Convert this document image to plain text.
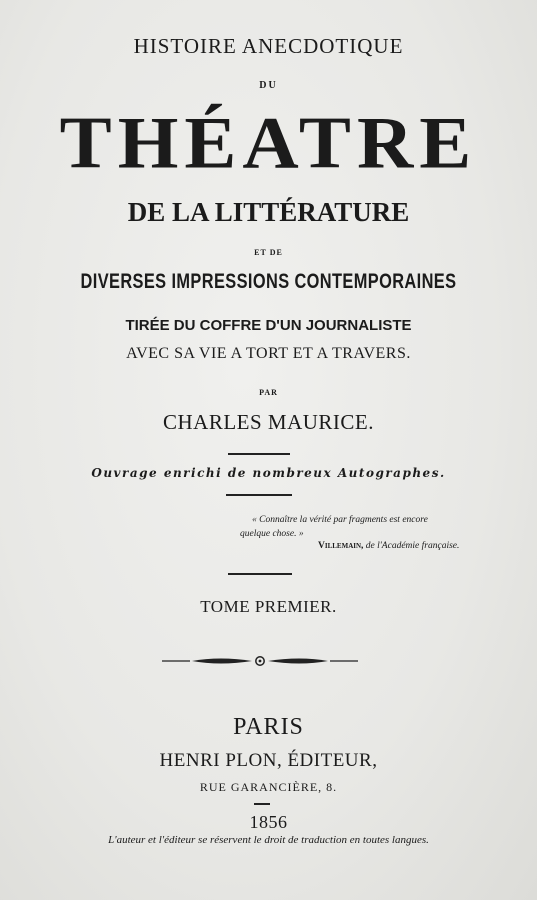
HISTOIRE ANECDOTIQUE
DU
THÉATRE
DE LA LITTÉRATURE
ET DE
DIVERSES IMPRESSIONS CONTEMPORAINES
TIRÉE DU COFFRE D'UN JOURNALISTE
AVEC SA VIE A TORT ET A TRAVERS.
PAR
CHARLES MAURICE.
Ouvrage enrichi de nombreux Autographes.
« Connaître la vérité par fragments est encore
quelque chose. »
Villemain, de l'Académie française.
TOME PREMIER.
PARIS
HENRI PLON, ÉDITEUR,
RUE GARANCIÈRE, 8.
1856
L'auteur et l'éditeur se réservent le droit de traduction en toutes langues.
